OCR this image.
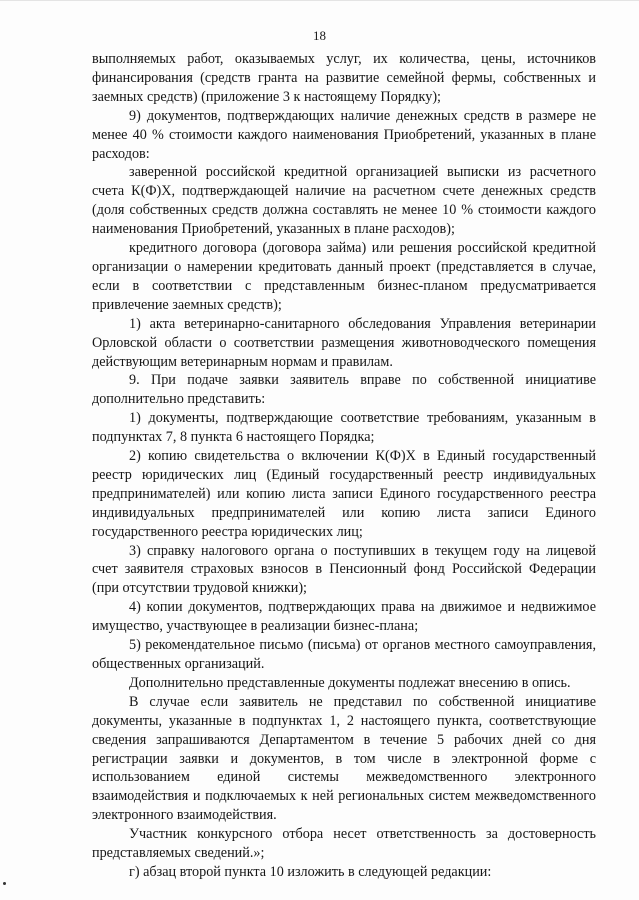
18

выполняемых работ, оказываемых услуг, их количества, цены, источников финансирования (средств гранта на развитие семейной фермы, собственных и заемных средств) (приложение 3 к настоящему Порядку);

9) документов, подтверждающих наличие денежных средств в размере не менее 40 % стоимости каждого наименования Приобретений, указанных в плане расходов:

заверенной российской кредитной организацией выписки из расчетного счета К(Ф)Х, подтверждающей наличие на расчетном счете денежных средств (доля собственных средств должна составлять не менее 10 % стоимости каждого наименования Приобретений, указанных в плане расходов);

кредитного договора (договора займа) или решения российской кредитной организации о намерении кредитовать данный проект (представляется в случае, если в соответствии с представленным бизнес-планом предусматривается привлечение заемных средств);

1) акта ветеринарно-санитарного обследования Управления ветеринарии Орловской области о соответствии размещения животноводческого помещения действующим ветеринарным нормам и правилам.

9. При подаче заявки заявитель вправе по собственной инициативе дополнительно представить:

1) документы, подтверждающие соответствие требованиям, указанным в подпунктах 7, 8 пункта 6 настоящего Порядка;

2) копию свидетельства о включении К(Ф)Х в Единый государственный реестр юридических лиц (Единый государственный реестр индивидуальных предпринимателей) или копию листа записи Единого государственного реестра индивидуальных предпринимателей или копию листа записи Единого государственного реестра юридических лиц;

3) справку налогового органа о поступивших в текущем году на лицевой счет заявителя страховых взносов в Пенсионный фонд Российской Федерации (при отсутствии трудовой книжки);

4) копии документов, подтверждающих права на движимое и недвижимое имущество, участвующее в реализации бизнес-плана;

5) рекомендательное письмо (письма) от органов местного самоуправления, общественных организаций.

Дополнительно представленные документы подлежат внесению в опись.

В случае если заявитель не представил по собственной инициативе документы, указанные в подпунктах 1, 2 настоящего пункта, соответствующие сведения запрашиваются Департаментом в течение 5 рабочих дней со дня регистрации заявки и документов, в том числе в электронной форме с использованием единой системы межведомственного электронного взаимодействия и подключаемых к ней региональных систем межведомственного электронного взаимодействия.

Участник конкурсного отбора несет ответственность за достоверность представляемых сведений.»;

г) абзац второй пункта 10 изложить в следующей редакции:
